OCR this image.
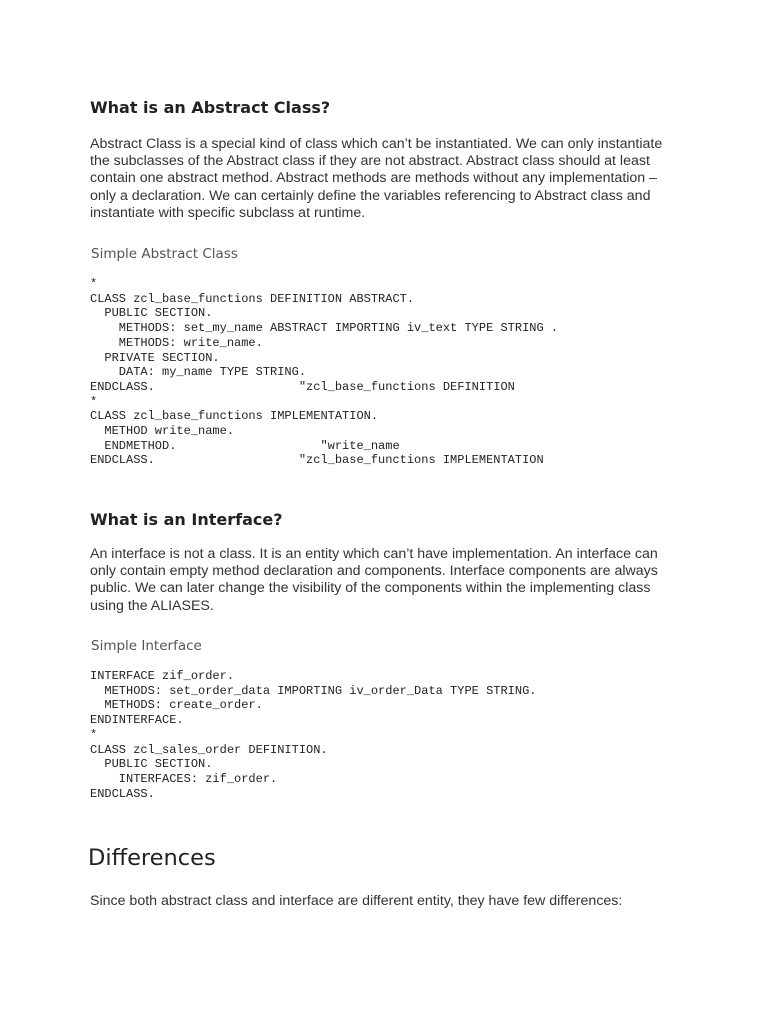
What is an Abstract Class?
Abstract Class is a special kind of class which can’t be instantiated. We can only instantiate
the subclasses of the Abstract class if they are not abstract. Abstract class should at least
contain one abstract method. Abstract methods are methods without any implementation –
only a declaration. We can certainly define the variables referencing to Abstract class and
instantiate with specific subclass at runtime.
Simple Abstract Class
*
CLASS zcl_base_functions DEFINITION ABSTRACT.
PUBLIC SECTION.
METHODS: set_my_name ABSTRACT IMPORTING iv_text TYPE STRING .
METHODS: write_name.
PRIVATE SECTION.
DATA: my_name TYPE STRING.
ENDCLASS.                    "zcl_base_functions DEFINITION
*
CLASS zcl_base_functions IMPLEMENTATION.
METHOD write_name.
ENDMETHOD.                    "write_name
ENDCLASS.                    "zcl_base_functions IMPLEMENTATION
What is an Interface?
An interface is not a class. It is an entity which can’t have implementation. An interface can
only contain empty method declaration and components. Interface components are always
public. We can later change the visibility of the components within the implementing class
using the ALIASES.
Simple Interface
INTERFACE zif_order.
METHODS: set_order_data IMPORTING iv_order_Data TYPE STRING.
METHODS: create_order.
ENDINTERFACE.
*
CLASS zcl_sales_order DEFINITION.
PUBLIC SECTION.
INTERFACES: zif_order.
ENDCLASS.
Differences

Since both abstract class and interface are different entity, they have few differences:
